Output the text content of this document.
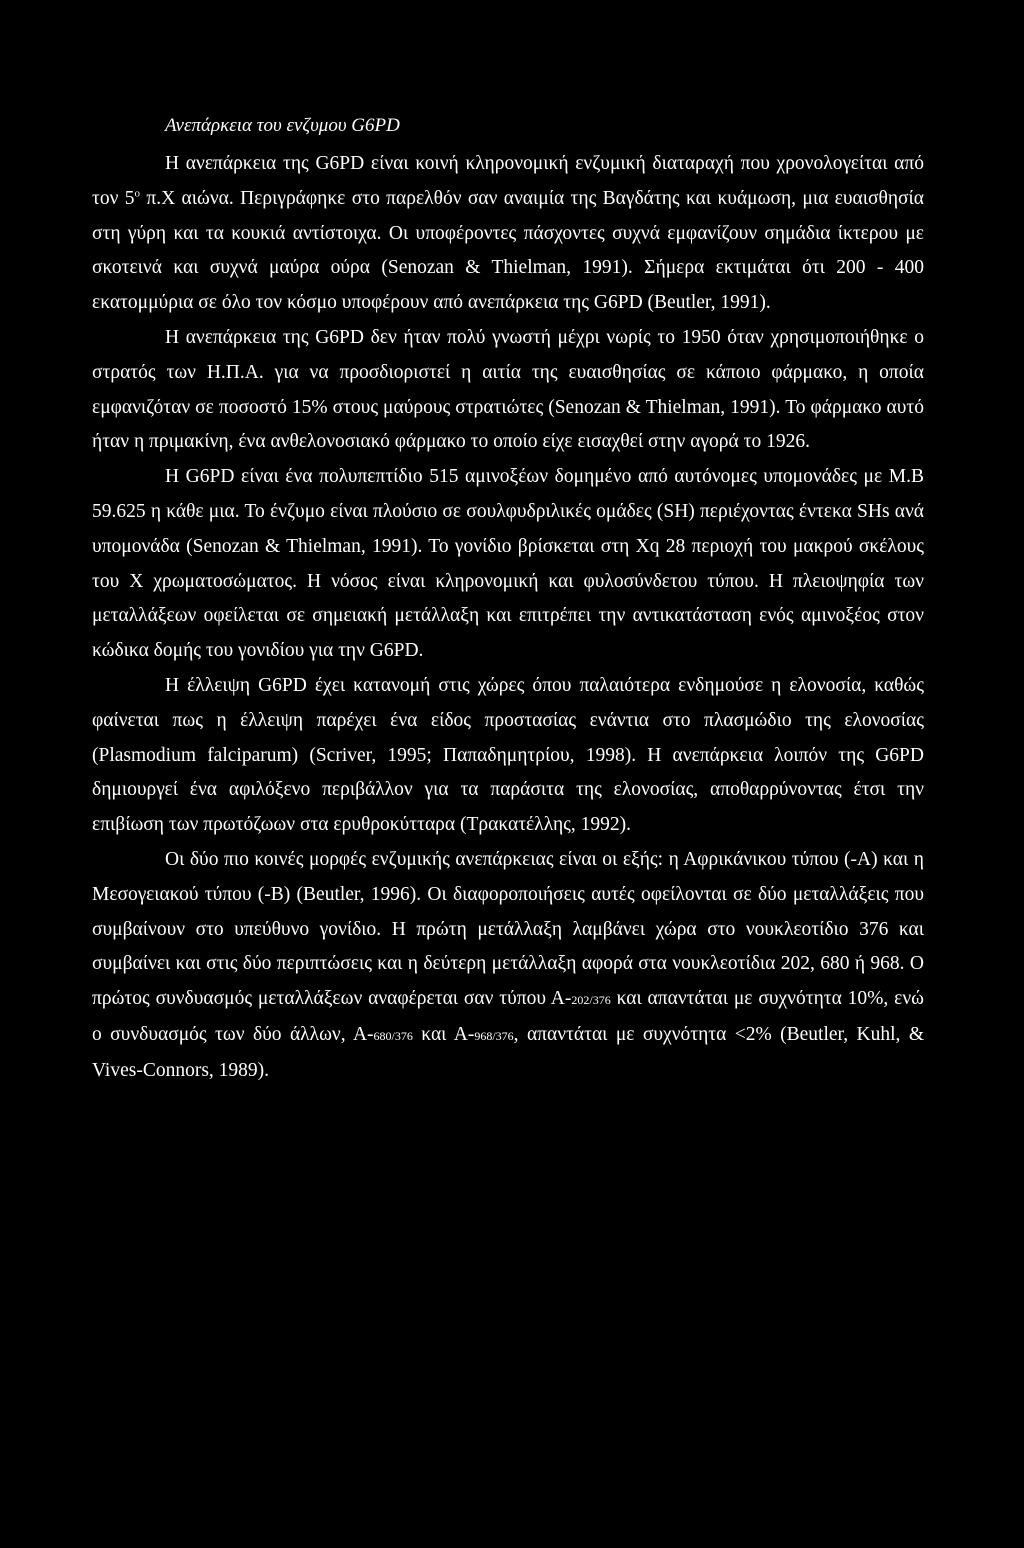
Ανεπάρκεια του ενζυμου G6PD

Η ανεπάρκεια της G6PD είναι κοινή κληρονομική ενζυμική διαταραχή που χρονολογείται από τον $5^o$ π.Χ αιώνα. Περιγράφηκε στο παρελθόν σαν αναιμία της Βαγδάτης και κυάμωση, μια ευαισθησία στη γύρη και τα κουκιά αντίστοιχα. Οι υποφέροντες πάσχοντες συχνά εμφανίζουν σημάδια ίκτερου με σκοτεινά και συχνά μαύρα ούρα (Senozan & Thielman, 1991). Σήμερα εκτιμάται ότι 200 - 400 εκατομμύρια σε όλο τον κόσμο υποφέρουν από ανεπάρκεια της G6PD (Beutler, 1991).

Η ανεπάρκεια της G6PD δεν ήταν πολύ γνωστή μέχρι νωρίς το 1950 όταν χρησιμοποιήθηκε ο στρατός των Η.Π.Α. για να προσδιοριστεί η αιτία της ευαισθησίας σε κάποιο φάρμακο, η οποία εμφανιζόταν σε ποσοστό 15% στους μαύρους στρατιώτες (Senozan & Thielman, 1991). Το φάρμακο αυτό ήταν η πριμακίνη, ένα ανθελονοσιακό φάρμακο το οποίο είχε εισαχθεί στην αγορά το 1926.

Η G6PD είναι ένα πολυπεπτίδιο 515 αμινοξέων δομημένο από αυτόνομες υπομονάδες με Μ.Β 59.625 η κάθε μια. Το ένζυμο είναι πλούσιο σε σουλφυδριλικές ομάδες (SH) περιέχοντας έντεκα SHs ανά υπομονάδα (Senozan & Thielman, 1991). Το γονίδιο βρίσκεται στη Xq 28 περιοχή του μακρού σκέλους του Χ χρωματοσώματος. Η νόσος είναι κληρονομική και φυλοσύνδετου τύπου. Η πλειοψηφία των μεταλλάξεων οφείλεται σε σημειακή μετάλλαξη και επιτρέπει την αντικατάσταση ενός αμινοξέος στον κώδικα δομής του γονιδίου για την G6PD.

Η έλλειψη G6PD έχει κατανομή στις χώρες όπου παλαιότερα ενδημούσε η ελονοσία, καθώς φαίνεται πως η έλλειψη παρέχει ένα είδος προστασίας ενάντια στο πλασμώδιο της ελονοσίας (Plasmodium falciparum) (Scriver, 1995; Παπαδημητρίου, 1998). Η ανεπάρκεια λοιπόν της G6PD δημιουργεί ένα αφιλόξενο περιβάλλον για τα παράσιτα της ελονοσίας, αποθαρρύνοντας έτσι την επιβίωση των πρωτόζωων στα ερυθροκύτταρα (Τρακατέλλης, 1992).

Οι δύο πιο κοινές μορφές ενζυμικής ανεπάρκειας είναι οι εξής: η Αφρικάνικου τύπου (-Α) και η Μεσογειακού τύπου (-Β) (Beutler, 1996). Οι διαφοροποιήσεις αυτές οφείλονται σε δύο μεταλλάξεις που συμβαίνουν στο υπεύθυνο γονίδιο. Η πρώτη μετάλλαξη λαμβάνει χώρα στο νουκλεοτίδιο 376 και συμβαίνει και στις δύο περιπτώσεις και η δεύτερη μετάλλαξη αφορά στα νουκλεοτίδια 202, 680 ή 968. Ο πρώτος συνδυασμός μεταλλάξεων αναφέρεται σαν τύπου Α-202/376 και απαντάται με συχνότητα 10%, ενώ ο συνδυασμός των δύο άλλων, Α-680/376 και Α-968/376, απαντάται με συχνότητα <2% (Beutler, Kuhl, & Vives-Connors, 1989).
